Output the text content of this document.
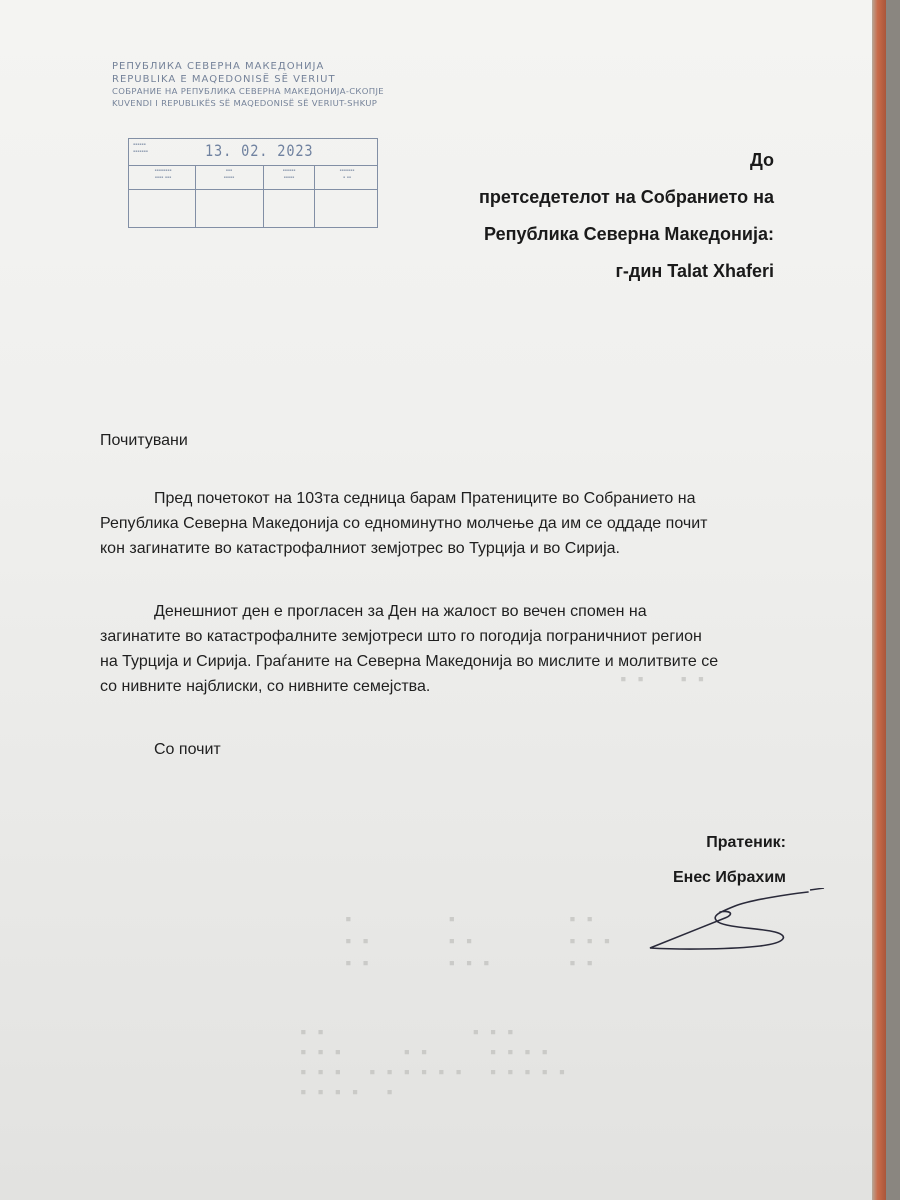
РЕПУБЛИКА СЕВЕРНА МАКЕДОНИЈА
REPUBLIKA E MAQEDONISË SË VERIUT
СОБРАНИЕ НА РЕПУБЛИКА СЕВЕРНА МАКЕДОНИЈА-СКОПЈЕ
KUVENDI I REPUBLIKËS SË MAQEDONISË SË VERIUT-SHKUP
▪▪▪▪▪▪
▪▪▪▪▪▪▪	13. 02. 2023
▪▪▪▪▪▪▪▪
▪▪▪▪ ▪▪▪
▪▪▪
▪▪▪▪▪
▪▪▪▪▪▪
▪▪▪▪▪
▪▪▪▪▪▪▪
▪ ▪▪
До
претседетелот на Собранието на
Република Северна Македонија:
г-дин Talat Xhaferi
Почитувани
Пред почетокот на 103та седница барам Пратениците во Собранието на
Република Северна Македонија со едноминутно молчење да им се оддаде почит
кон загинатите во катастрофалниот земјотрес во Турција и во Сирија.
Денешниот ден е прогласен за Ден на жалост во вечен спомен на
загинатите во катастрофалните земјотреси што го погодија пограничниот регион
на Турција и Сирија. Граѓаните на Северна Македонија во мислите и молитвите се
со нивните најблиски, со нивните семејства.
Со почит
Пратеник:
Енес Ибрахим
▪ ▪    ▪ ▪
▪           ▪             ▪ ▪
▪ ▪         ▪ ▪           ▪ ▪ ▪
▪ ▪         ▪ ▪ ▪         ▪ ▪
▪ ▪                 ▪ ▪ ▪
▪ ▪ ▪       ▪ ▪       ▪ ▪ ▪ ▪
▪ ▪ ▪   ▪ ▪ ▪ ▪ ▪ ▪   ▪ ▪ ▪ ▪ ▪
▪ ▪ ▪ ▪   ▪
